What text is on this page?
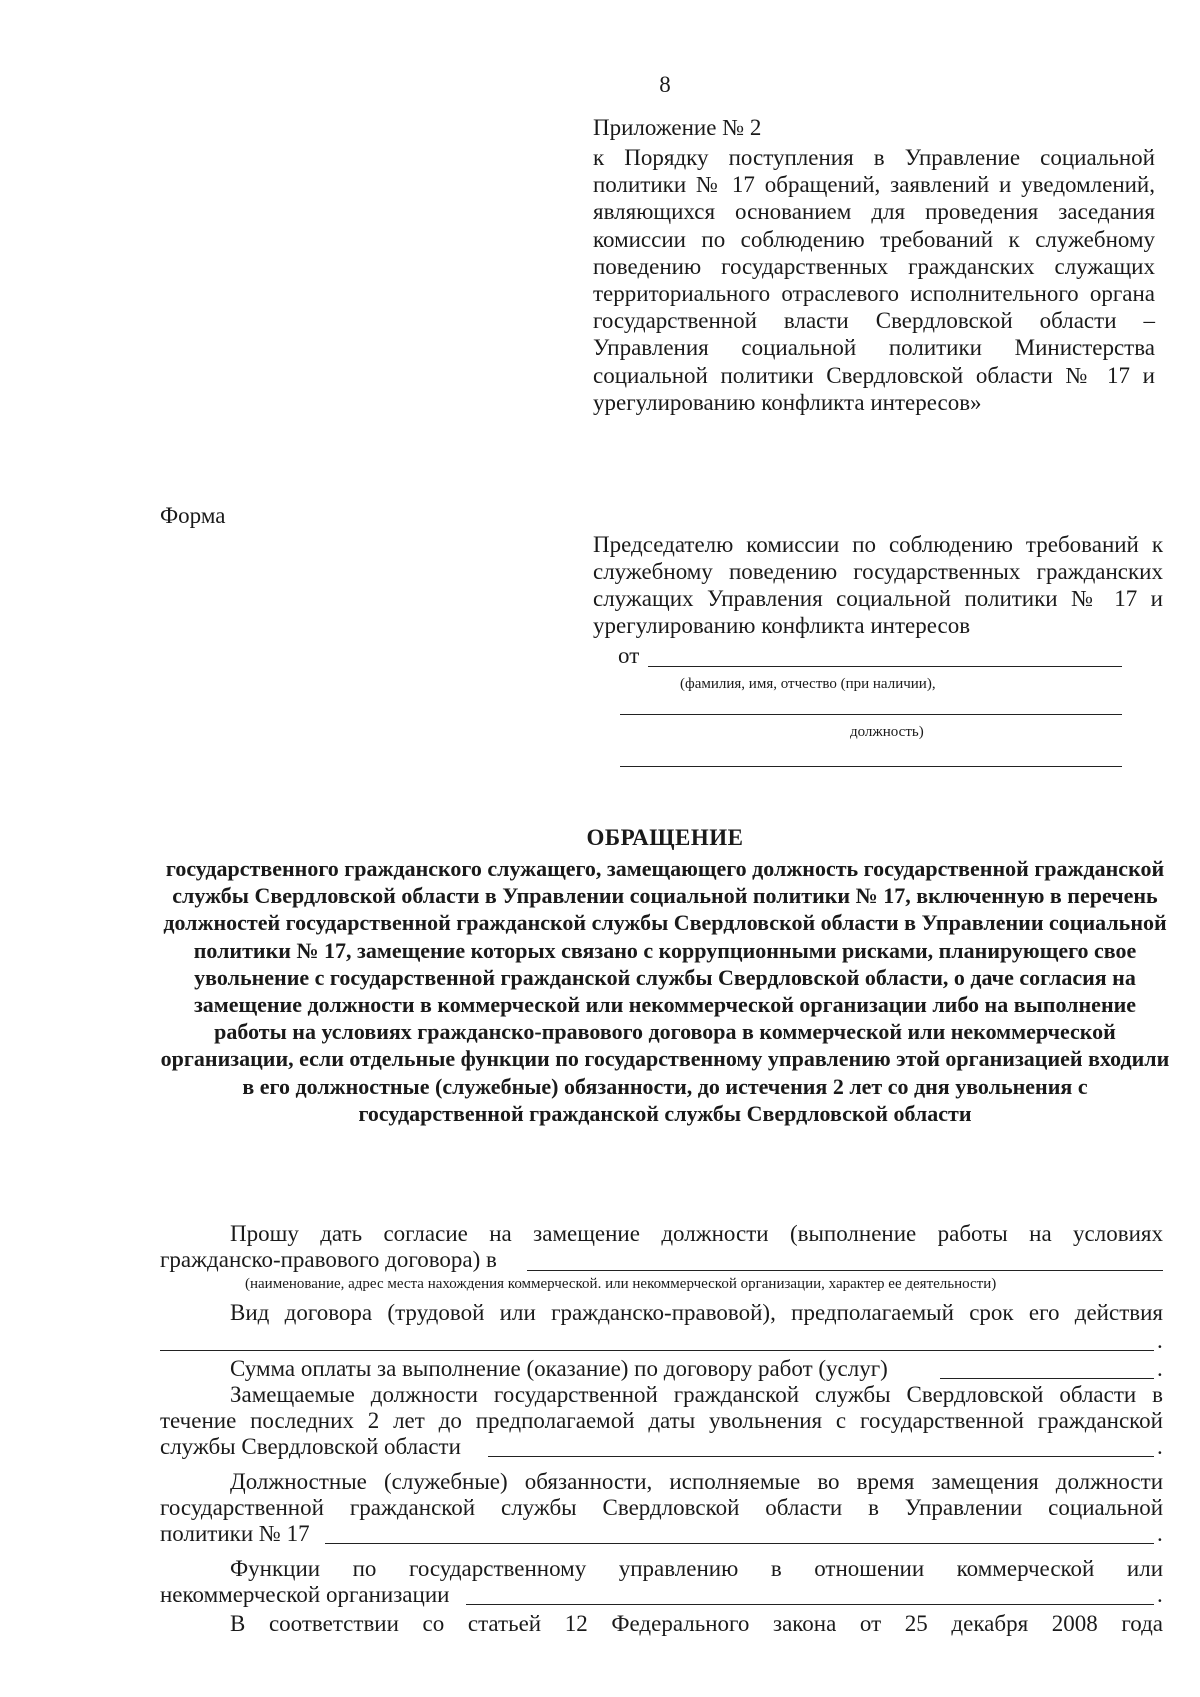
8
Приложение № 2
к Порядку поступления в Управление социальной политики № 17 обращений, заявлений и уведомлений, являющихся основанием для проведения заседания комиссии по соблюдению требований к служебному поведению государственных гражданских служащих территориального отраслевого исполнительного органа государственной власти Свердловской области – Управления социальной политики Министерства социальной политики Свердловской области № 17 и урегулированию конфликта интересов»
Форма
Председателю комиссии по соблюдению требований к служебному поведению государственных гражданских служащих Управления социальной политики № 17 и урегулированию конфликта интересов
от
(фамилия, имя, отчество (при наличии),
должность)
ОБРАЩЕНИЕ
государственного гражданского служащего, замещающего должность государственной гражданской службы Свердловской области в Управлении социальной политики № 17, включенную в перечень должностей государственной гражданской службы Свердловской области в Управлении социальной политики № 17, замещение которых связано с коррупционными рисками, планирующего свое увольнение с государственной гражданской службы Свердловской области, о даче согласия на замещение должности в коммерческой или некоммерческой организации либо на выполнение работы на условиях гражданско-правового договора в коммерческой или некоммерческой организации, если отдельные функции по государственному управлению этой организацией входили в его должностные (служебные) обязанности, до истечения 2 лет со дня увольнения с государственной гражданской службы Свердловской области
Прошу дать согласие на замещение должности (выполнение работы на условиях
гражданско-правового договора) в
(наименование, адрес места нахождения коммерческой. или некоммерческой организации, характер ее деятельности)
Вид договора (трудовой или гражданско-правовой), предполагаемый срок его действия
.
Сумма оплаты за выполнение (оказание) по договору работ (услуг)	.
Замещаемые должности государственной гражданской службы Свердловской области в
течение последних 2 лет до предполагаемой даты увольнения с государственной гражданской
службы Свердловской области	.
Должностные (служебные) обязанности, исполняемые во время замещения должности
государственной гражданской службы Свердловской области в Управлении социальной
политики № 17	.
Функции по государственному управлению в отношении коммерческой или
некоммерческой организации	.
В соответствии со статьей 12 Федерального закона от 25 декабря 2008 года
